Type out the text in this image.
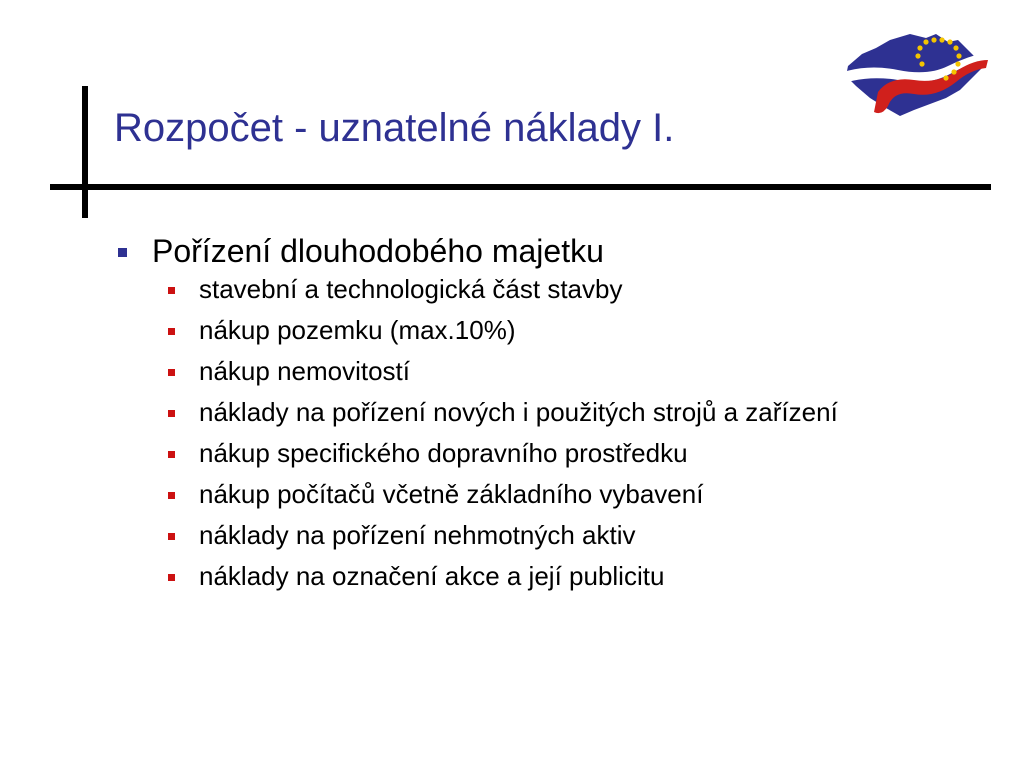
Rozpočet - uznatelné náklady I.
Pořízení dlouhodobého majetku
stavební a technologická část stavby
nákup pozemku (max.10%)
nákup nemovitostí
náklady na pořízení nových i použitých strojů a zařízení
nákup specifického dopravního prostředku
nákup počítačů včetně základního vybavení
náklady na pořízení nehmotných aktiv
náklady na označení akce a její publicitu
